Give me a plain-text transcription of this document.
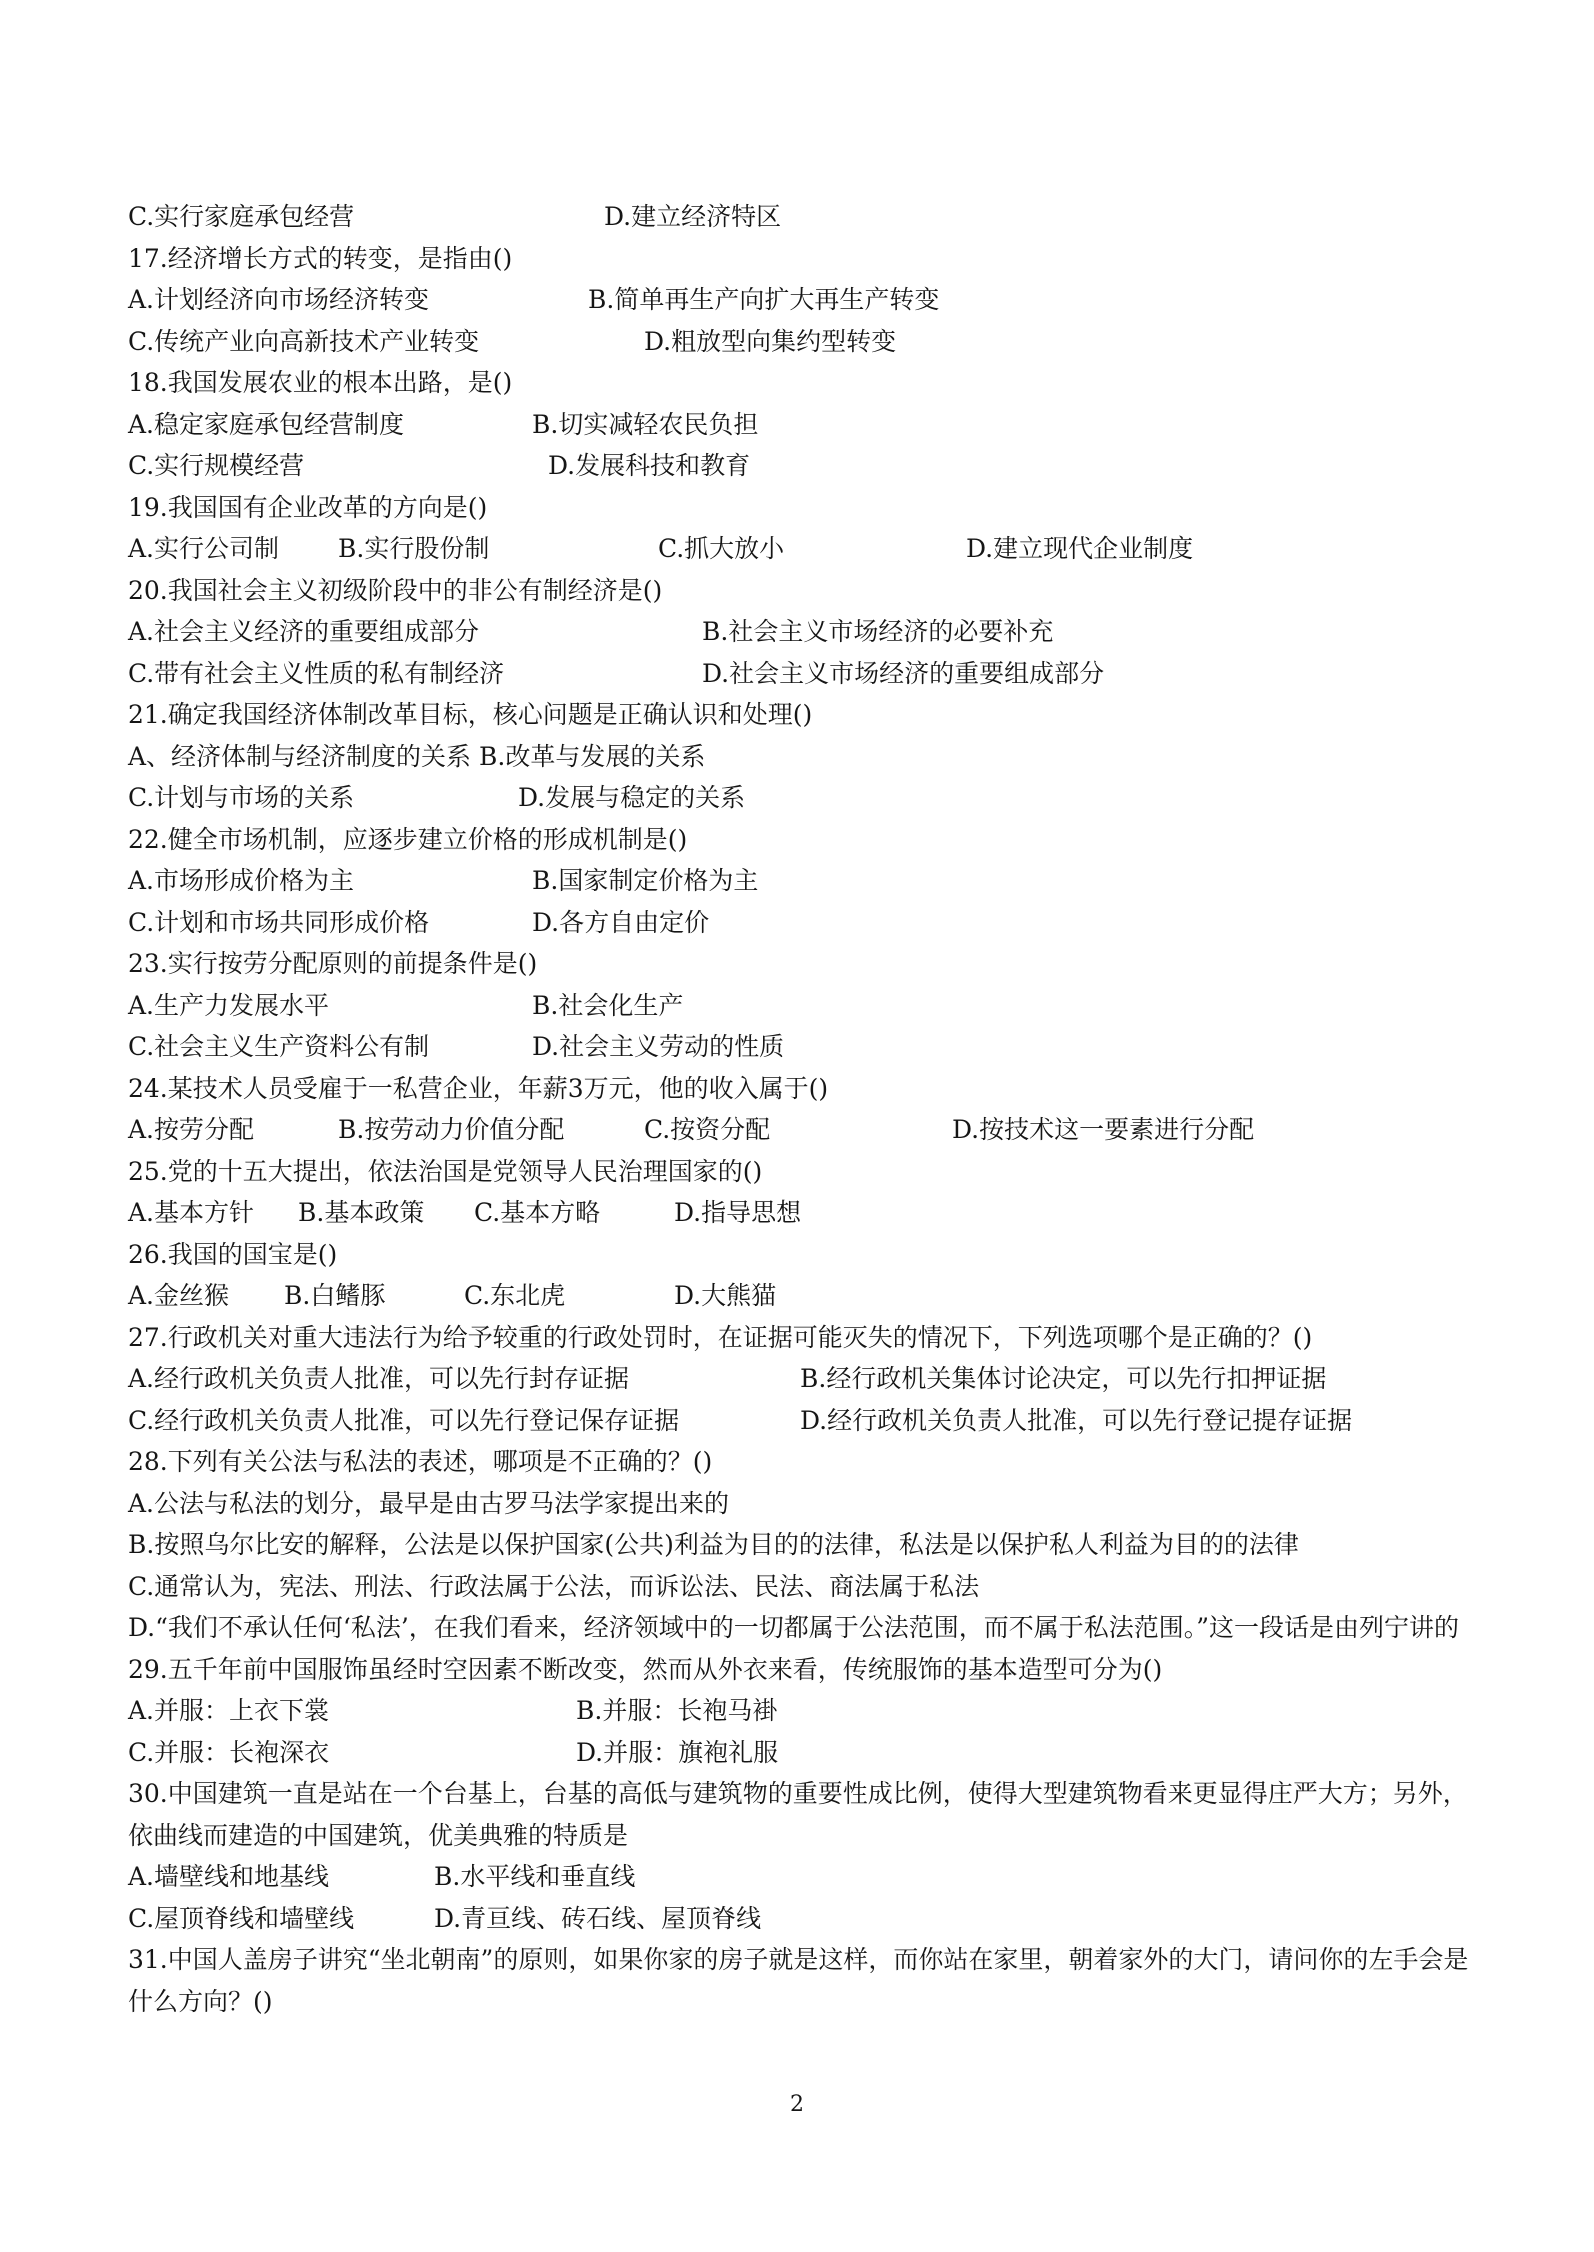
C.实行家庭承包经营	D.建立经济特区
17.经济增长方式的转变，是指由()
A.计划经济向市场经济转变	B.简单再生产向扩大再生产转变
C.传统产业向高新技术产业转变	D.粗放型向集约型转变
18.我国发展农业的根本出路，是()
A.稳定家庭承包经营制度	B.切实减轻农民负担
C.实行规模经营	D.发展科技和教育
19.我国国有企业改革的方向是()
A.实行公司制 B.实行股份制	C.抓大放小	D.建立现代企业制度
20.我国社会主义初级阶段中的非公有制经济是()
A.社会主义经济的重要组成部分	B.社会主义市场经济的必要补充
C.带有社会主义性质的私有制经济	D.社会主义市场经济的重要组成部分
21.确定我国经济体制改革目标，核心问题是正确认识和处理()
A、经济体制与经济制度的关系 B.改革与发展的关系
C.计划与市场的关系	D.发展与稳定的关系
22.健全市场机制，应逐步建立价格的形成机制是()
A.市场形成价格为主	B.国家制定价格为主
C.计划和市场共同形成价格	D.各方自由定价
23.实行按劳分配原则的前提条件是()
A.生产力发展水平	B.社会化生产
C.社会主义生产资料公有制	D.社会主义劳动的性质
24.某技术人员受雇于一私营企业，年薪3万元，他的收入属于()
A.按劳分配	B.按劳动力价值分配	C.按资分配	D.按技术这一要素进行分配
25.党的十五大提出，依法治国是党领导人民治理国家的()
A.基本方针 B.基本政策 C.基本方略	D.指导思想
26.我国的国宝是()
A.金丝猴 B.白鳍豚	C.东北虎	D.大熊猫
27.行政机关对重大违法行为给予较重的行政处罚时，在证据可能灭失的情况下，下列选项哪个是正确的？()
A.经行政机关负责人批准，可以先行封存证据	B.经行政机关集体讨论决定，可以先行扣押证据
C.经行政机关负责人批准，可以先行登记保存证据	D.经行政机关负责人批准，可以先行登记提存证据
28.下列有关公法与私法的表述，哪项是不正确的？()
A.公法与私法的划分，最早是由古罗马法学家提出来的
B.按照乌尔比安的解释，公法是以保护国家(公共)利益为目的的法律，私法是以保护私人利益为目的的法律
C.通常认为，宪法、刑法、行政法属于公法，而诉讼法、民法、商法属于私法
D.“我们不承认任何‘私法’，在我们看来，经济领域中的一切都属于公法范围，而不属于私法范围。”这一段话是由列宁讲的
29.五千年前中国服饰虽经时空因素不断改变，然而从外衣来看，传统服饰的基本造型可分为()
A.并服：上衣下裳	B.并服：长袍马褂
C.并服：长袍深衣	D.并服：旗袍礼服
30.中国建筑一直是站在一个台基上，台基的高低与建筑物的重要性成比例，使得大型建筑物看来更显得庄严大方；另外，依曲线而建造的中国建筑，优美典雅的特质是
A.墙壁线和地基线	B.水平线和垂直线
C.屋顶脊线和墙壁线	D.青亘线、砖石线、屋顶脊线
31.中国人盖房子讲究“坐北朝南”的原则，如果你家的房子就是这样，而你站在家里，朝着家外的大门，请问你的左手会是什么方向？()
2
